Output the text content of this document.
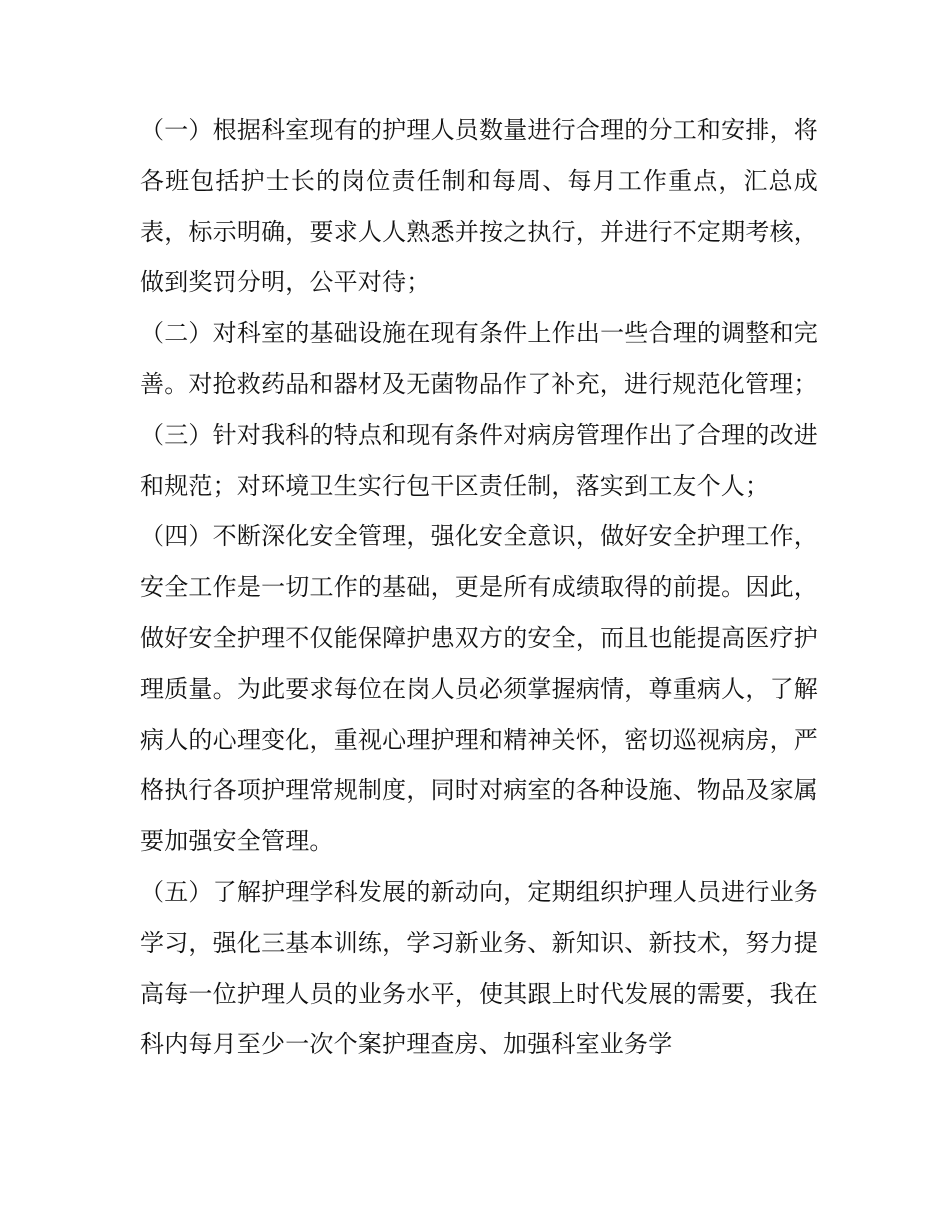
（一）根据科室现有的护理人员数量进行合理的分工和安排，将各班包括护士长的岗位责任制和每周、每月工作重点，汇总成表，标示明确，要求人人熟悉并按之执行，并进行不定期考核，做到奖罚分明，公平对待；

（二）对科室的基础设施在现有条件上作出一些合理的调整和完善。对抢救药品和器材及无菌物品作了补充，进行规范化管理；

（三）针对我科的特点和现有条件对病房管理作出了合理的改进和规范；对环境卫生实行包干区责任制，落实到工友个人；

（四）不断深化安全管理，强化安全意识，做好安全护理工作，安全工作是一切工作的基础，更是所有成绩取得的前提。因此，做好安全护理不仅能保障护患双方的安全，而且也能提高医疗护理质量。为此要求每位在岗人员必须掌握病情，尊重病人，了解病人的心理变化，重视心理护理和精神关怀，密切巡视病房，严格执行各项护理常规制度，同时对病室的各种设施、物品及家属要加强安全管理。

（五）了解护理学科发展的新动向，定期组织护理人员进行业务学习，强化三基本训练，学习新业务、新知识、新技术，努力提高每一位护理人员的业务水平，使其跟上时代发展的需要，我在科内每月至少一次个案护理查房、加强科室业务学
